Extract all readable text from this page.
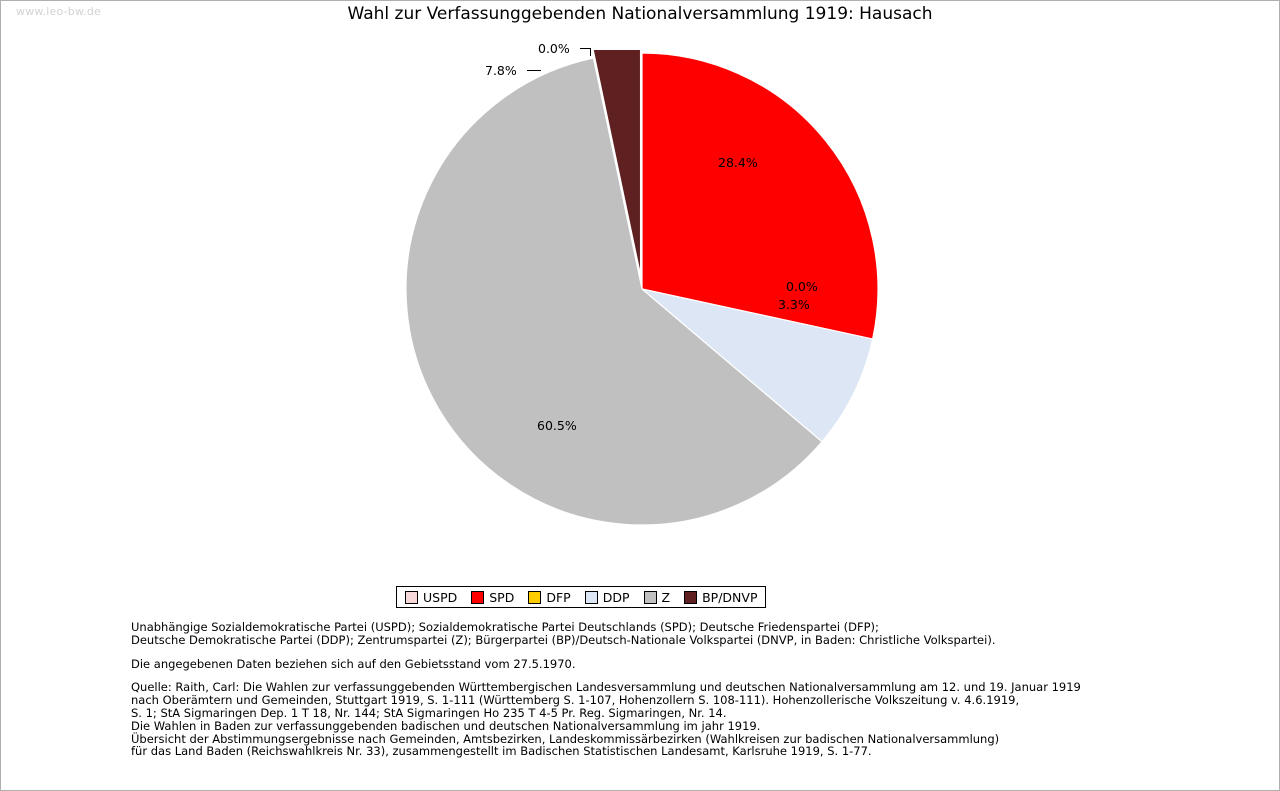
www.leo-bw.de	Wahl zur Verfassunggebenden Nationalversammlung 1919: Hausach
0.0%
7.8%
28.4%
0.0%
3.3%
60.5%
USPD	SPD	DFP	DDP	Z	BP/DNVP
Unabhängige Sozialdemokratische Partei (USPD); Sozialdemokratische Partei Deutschlands (SPD); Deutsche Friedenspartei (DFP);
Deutsche Demokratische Partei (DDP); Zentrumspartei (Z); Bürgerpartei (BP)/Deutsch-Nationale Volkspartei (DNVP, in Baden: Christliche Volkspartei).
Die angegebenen Daten beziehen sich auf den Gebietsstand vom 27.5.1970.
Quelle: Raith, Carl: Die Wahlen zur verfassunggebenden Württembergischen Landesversammlung und deutschen Nationalversammlung am 12. und 19. Januar 1919
nach Oberämtern und Gemeinden, Stuttgart 1919, S. 1-111 (Württemberg S. 1-107, Hohenzollern S. 108-111). Hohenzollerische Volkszeitung v. 4.6.1919,
S. 1; StA Sigmaringen Dep. 1 T 18, Nr. 144; StA Sigmaringen Ho 235 T 4-5 Pr. Reg. Sigmaringen, Nr. 14.
Die Wahlen in Baden zur verfassunggebenden badischen und deutschen Nationalversammlung im jahr 1919.
Übersicht der Abstimmungsergebnisse nach Gemeinden, Amtsbezirken, Landeskommissärbezirken (Wahlkreisen zur badischen Nationalversammlung)
für das Land Baden (Reichswahlkreis Nr. 33), zusammengestellt im Badischen Statistischen Landesamt, Karlsruhe 1919, S. 1-77.
